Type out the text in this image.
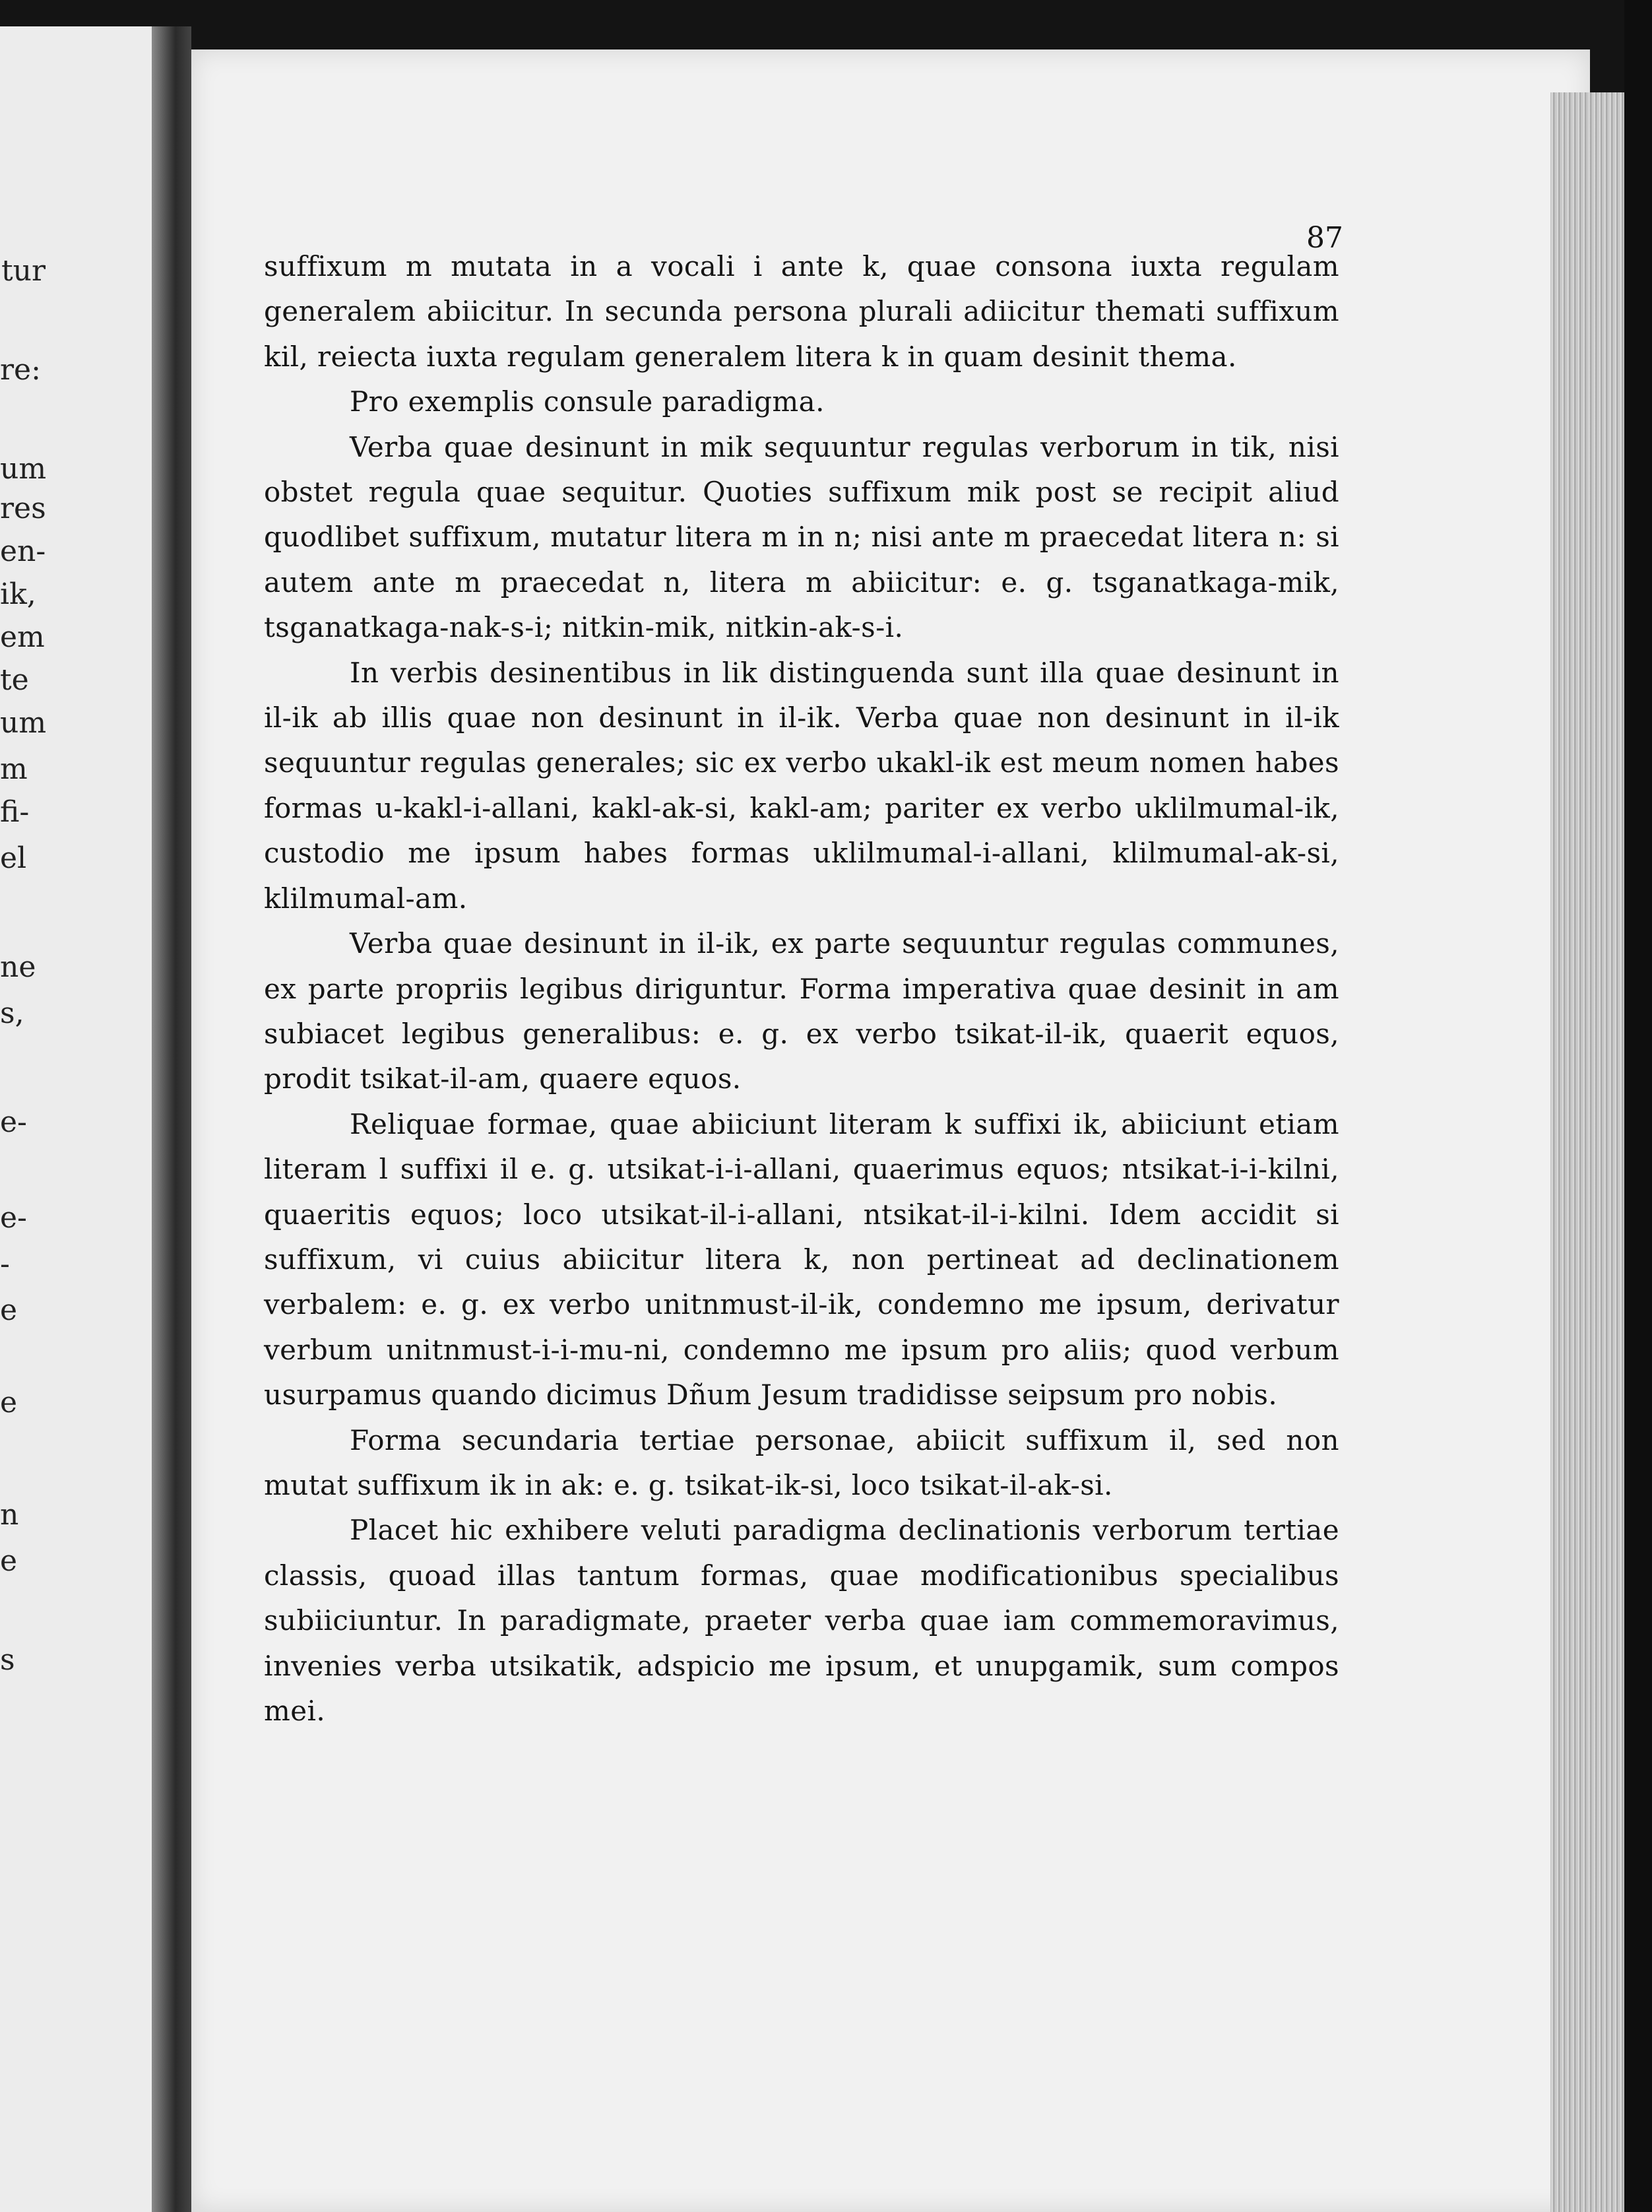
tur
re:
um
res
en-
ik,
em
te
um
m
fi-
el
ne
s,
e-
e-
-
e
e
n
e
s
87

suffixum m mutata in a vocali i ante k, quae consona iuxta regulam generalem abiicitur. In secunda persona plurali adiicitur themati suffixum kil, reiecta iuxta regulam generalem litera k in quam desinit thema.

Pro exemplis consule paradigma.

Verba quae desinunt in mik sequuntur regulas verborum in tik, nisi obstet regula quae sequitur. Quoties suffixum mik post se recipit aliud quodlibet suffixum, mutatur litera m in n; nisi ante m praecedat litera n: si autem ante m praecedat n, litera m abiicitur: e. g. tsganatkaga-mik, tsganatkaga-nak-s-i; nitkin-mik, nitkin-ak-s-i.

In verbis desinentibus in lik distinguenda sunt illa quae desinunt in il-ik ab illis quae non desinunt in il-ik. Verba quae non desinunt in il-ik sequuntur regulas generales; sic ex verbo ukakl-ik est meum nomen habes formas u-kakl-i-allani, kakl-ak-si, kakl-am; pariter ex verbo uklilmumal-ik, custodio me ipsum habes formas uklilmumal-i-allani, klilmumal-ak-si, klilmumal-am.

Verba quae desinunt in il-ik, ex parte sequuntur regulas communes, ex parte propriis legibus diriguntur. Forma imperativa quae desinit in am subiacet legibus generalibus: e. g. ex verbo tsikat-il-ik, quaerit equos, prodit tsikat-il-am, quaere equos.

Reliquae formae, quae abiiciunt literam k suffixi ik, abiiciunt etiam literam l suffixi il e. g. utsikat-i-i-allani, quaerimus equos; ntsikat-i-i-kilni, quaeritis equos; loco utsikat-il-i-allani, ntsikat-il-i-kilni. Idem accidit si suffixum, vi cuius abiicitur litera k, non pertineat ad declinationem verbalem: e. g. ex verbo unitnmust-il-ik, condemno me ipsum, derivatur verbum unitnmust-i-i-mu-ni, condemno me ipsum pro aliis; quod verbum usurpamus quando dicimus Dñum Jesum tradidisse seipsum pro nobis.

Forma secundaria tertiae personae, abiicit suffixum il, sed non mutat suffixum ik in ak: e. g. tsikat-ik-si, loco tsikat-il-ak-si.

Placet hic exhibere veluti paradigma declinationis verborum tertiae classis, quoad illas tantum formas, quae modificationibus specialibus subiiciuntur. In paradigmate, praeter verba quae iam commemoravimus, invenies verba utsikatik, adspicio me ipsum, et unupgamik, sum compos mei.
